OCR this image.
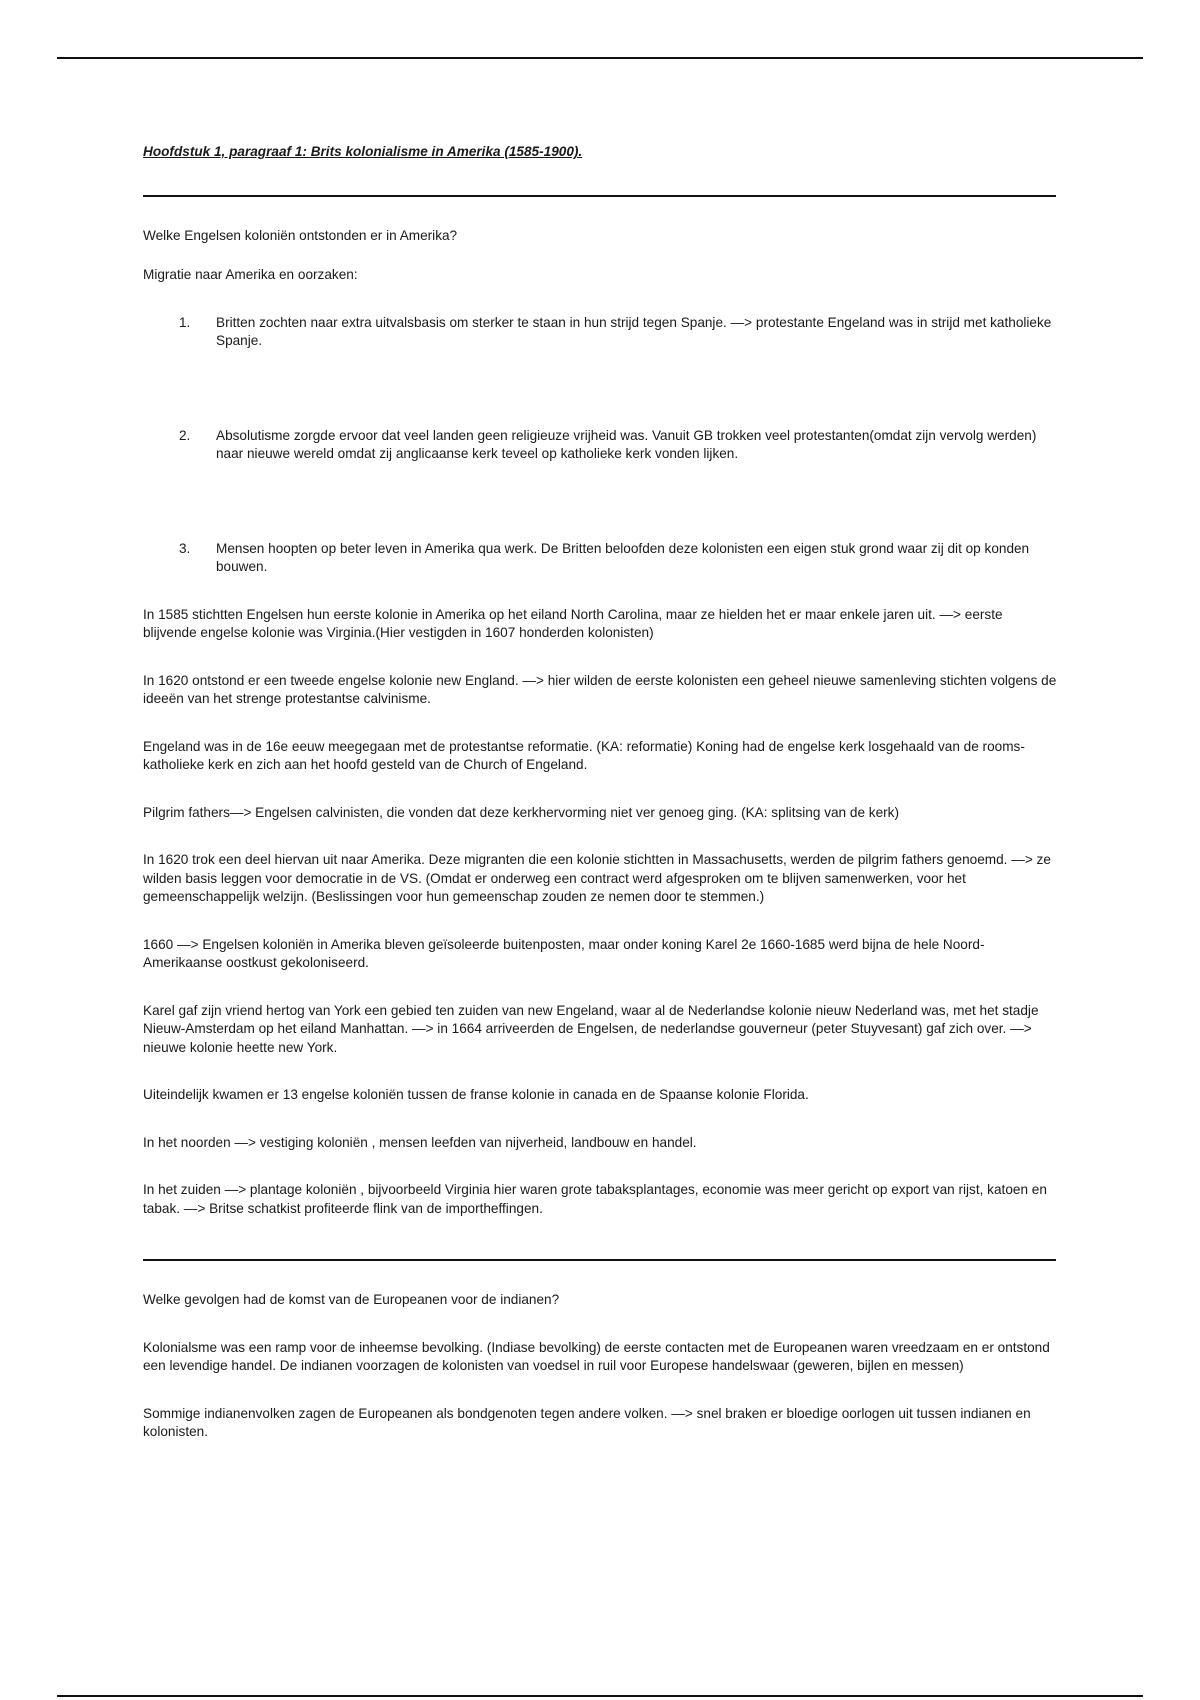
Hoofdstuk 1, paragraaf 1: Brits kolonialisme in Amerika (1585-1900).

Welke Engelsen koloniën ontstonden er in Amerika?

Migratie naar Amerika en oorzaken:

1. Britten zochten naar extra uitvalsbasis om sterker te staan in hun strijd tegen Spanje. —> protestante Engeland was in strijd met katholieke Spanje.
2. Absolutisme zorgde ervoor dat veel landen geen religieuze vrijheid was. Vanuit GB trokken veel protestanten(omdat zijn vervolg werden) naar nieuwe wereld omdat zij anglicaanse kerk teveel op katholieke kerk vonden lijken.
3. Mensen hoopten op beter leven in Amerika qua werk. De Britten beloofden deze kolonisten een eigen stuk grond waar zij dit op konden bouwen.

In 1585 stichtten Engelsen hun eerste kolonie in Amerika op het eiland North Carolina, maar ze hielden het er maar enkele jaren uit. —> eerste blijvende engelse kolonie was Virginia.(Hier vestigden in 1607 honderden kolonisten)

In 1620 ontstond er een tweede engelse kolonie new England. —> hier wilden de eerste kolonisten een geheel nieuwe samenleving stichten volgens de ideeën van het strenge protestantse calvinisme.

Engeland was in de 16e eeuw meegegaan met de protestantse reformatie. (KA: reformatie) Koning had de engelse kerk losgehaald van de rooms-katholieke kerk en zich aan het hoofd gesteld van de Church of Engeland.

Pilgrim fathers—> Engelsen calvinisten, die vonden dat deze kerkhervorming niet ver genoeg ging. (KA: splitsing van de kerk)

In 1620 trok een deel hiervan uit naar Amerika. Deze migranten die een kolonie stichtten in Massachusetts, werden de pilgrim fathers genoemd. —> ze wilden basis leggen voor democratie in de VS. (Omdat er onderweg een contract werd afgesproken om te blijven samenwerken, voor het gemeenschappelijk welzijn. (Beslissingen voor hun gemeenschap zouden ze nemen door te stemmen.)

1660 —> Engelsen koloniën in Amerika bleven geïsoleerde buitenposten, maar onder koning Karel 2e 1660-1685 werd bijna de hele Noord-Amerikaanse oostkust gekoloniseerd.

Karel gaf zijn vriend hertog van York een gebied ten zuiden van new Engeland, waar al de Nederlandse kolonie nieuw Nederland was, met het stadje Nieuw-Amsterdam op het eiland Manhattan. —> in 1664 arriveerden de Engelsen, de nederlandse gouverneur (peter Stuyvesant) gaf zich over. —> nieuwe kolonie heette new York.

Uiteindelijk kwamen er 13 engelse koloniën tussen de franse kolonie in canada en de Spaanse kolonie Florida.

In het noorden —> vestiging koloniën , mensen leefden van nijverheid, landbouw en handel.

In het zuiden —> plantage koloniën , bijvoorbeeld Virginia hier waren grote tabaksplantages, economie was meer gericht op export van rijst, katoen en tabak. —> Britse schatkist profiteerde flink van de importheffingen.

Welke gevolgen had de komst van de Europeanen voor de indianen?

Kolonialsme was een ramp voor de inheemse bevolking. (Indiase bevolking) de eerste contacten met de Europeanen waren vreedzaam en er ontstond een levendige handel. De indianen voorzagen de kolonisten van voedsel in ruil voor Europese handelswaar (geweren, bijlen en messen)

Sommige indianenvolken zagen de Europeanen als bondgenoten tegen andere volken. —> snel braken er bloedige oorlogen uit tussen indianen en kolonisten.
